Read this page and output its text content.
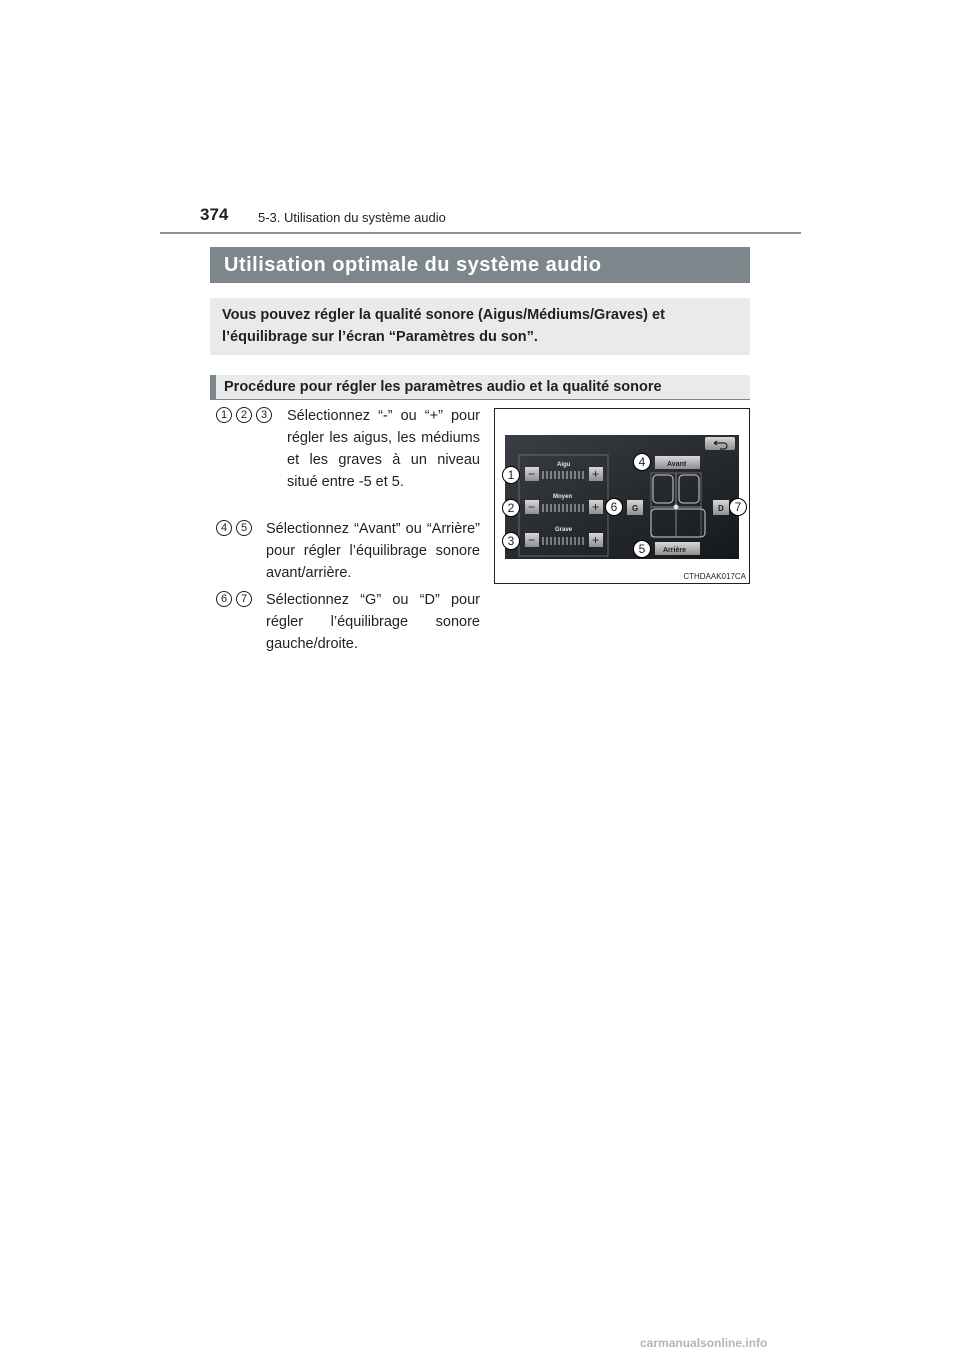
374 5-3. Utilisation du système audio
Utilisation optimale du système audio
Vous pouvez régler la qualité sonore (Aigus/Médiums/Graves) et l’équilibrage sur l’écran “Paramètres du son”.
Procédure pour régler les paramètres audio et la qualité sonore
1	2	3	Sélectionnez “-” ou “+” pour régler les aigus, les médiums et les graves à un niveau situé entre -5 et 5.
4	5	Sélectionnez “Avant” ou “Arrière” pour régler l’équilibrage sonore avant/arrière.
6	7	Sélectionnez “G” ou “D” pour régler l’équilibrage sonore gauche/droite.
Aigu
−	+
Moyen
−	+
Grave
−	+
Avant
Arrière
G	D
1
2
3
4
5
6	7
CTHDAAK017CA
carmanualsonline.info
